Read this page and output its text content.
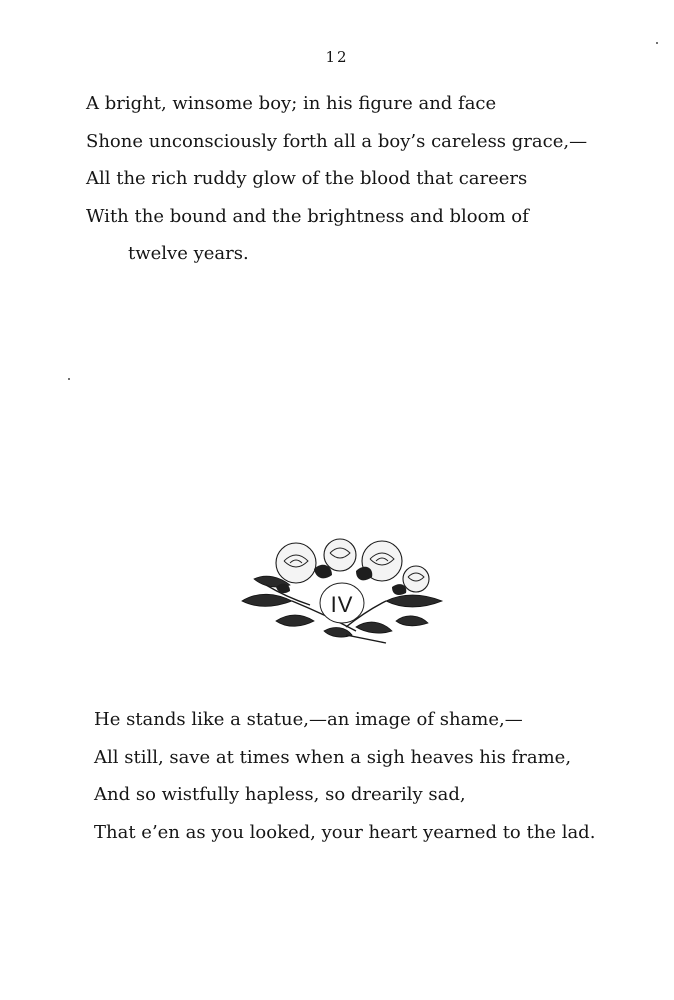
12
A bright, winsome boy; in his figure and face
Shone unconsciously forth all a boy’s careless grace,—
All the rich ruddy glow of the blood that careers
With the bound and the brightness and bloom of
twelve years.
IV
He stands like a statue,—an image of shame,—
All still, save at times when a sigh heaves his frame,
And so wistfully hapless, so drearily sad,
That e’en as you looked, your heart yearned to the lad.
